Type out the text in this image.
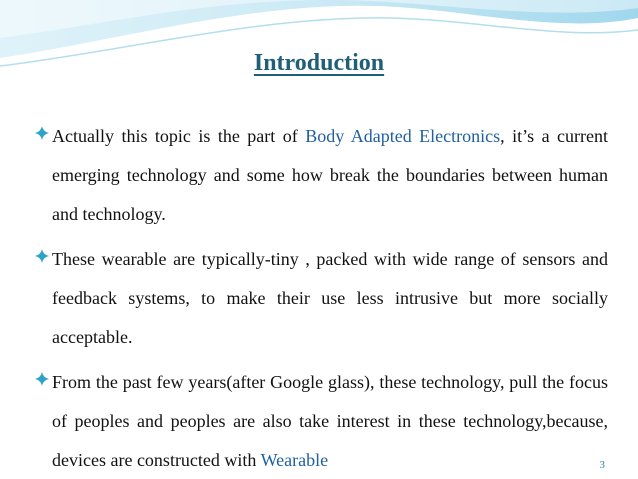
Introduction
Actually this topic is the part of Body Adapted Electronics, it’s a current emerging technology and some how break the boundaries between human and technology.
These wearable are typically-tiny , packed with wide range of sensors and feedback systems, to make their use less intrusive but more socially acceptable.
From the past few years(after Google glass), these technology, pull the focus of peoples and peoples are also take interest in these technology,because, devices are constructed with Wearable	3
